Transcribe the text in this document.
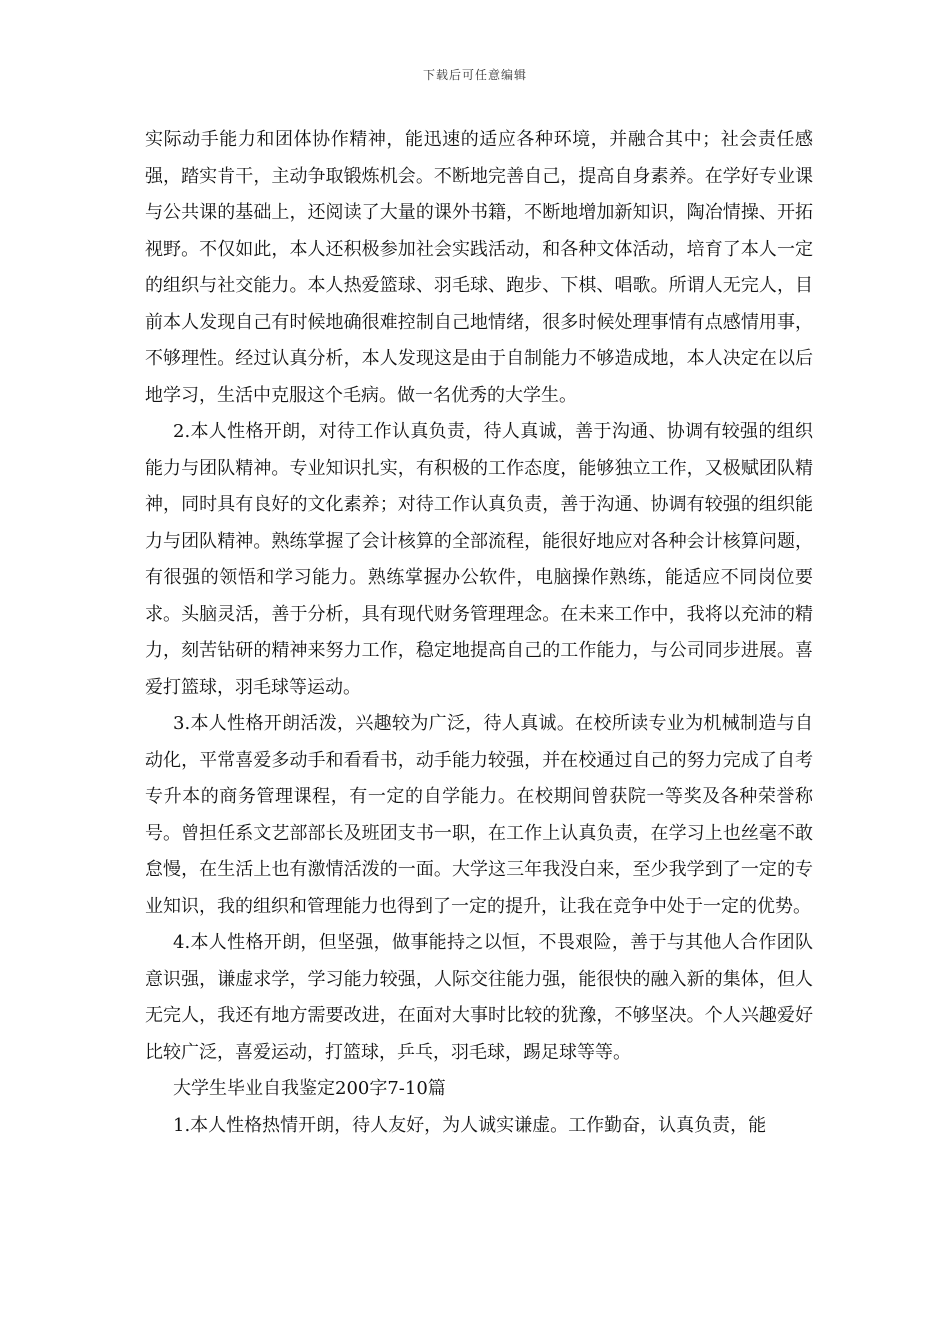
下载后可任意编辑

实际动手能力和团体协作精神，能迅速的适应各种环境，并融合其中；社会责任感强，踏实肯干，主动争取锻炼机会。不断地完善自己，提高自身素养。在学好专业课与公共课的基础上，还阅读了大量的课外书籍，不断地增加新知识，陶冶情操、开拓视野。不仅如此，本人还积极参加社会实践活动，和各种文体活动，培育了本人一定的组织与社交能力。本人热爱篮球、羽毛球、跑步、下棋、唱歌。所谓人无完人，目前本人发现自己有时候地确很难控制自己地情绪，很多时候处理事情有点感情用事，不够理性。经过认真分析，本人发现这是由于自制能力不够造成地，本人决定在以后地学习，生活中克服这个毛病。做一名优秀的大学生。

2.本人性格开朗，对待工作认真负责，待人真诚，善于沟通、协调有较强的组织能力与团队精神。专业知识扎实，有积极的工作态度，能够独立工作，又极赋团队精神，同时具有良好的文化素养；对待工作认真负责，善于沟通、协调有较强的组织能力与团队精神。熟练掌握了会计核算的全部流程，能很好地应对各种会计核算问题，有很强的领悟和学习能力。熟练掌握办公软件，电脑操作熟练，能适应不同岗位要求。头脑灵活，善于分析，具有现代财务管理理念。在未来工作中，我将以充沛的精力，刻苦钻研的精神来努力工作，稳定地提高自己的工作能力，与公司同步进展。喜爱打篮球，羽毛球等运动。

3.本人性格开朗活泼，兴趣较为广泛，待人真诚。在校所读专业为机械制造与自动化，平常喜爱多动手和看看书，动手能力较强，并在校通过自己的努力完成了自考专升本的商务管理课程，有一定的自学能力。在校期间曾获院一等奖及各种荣誉称号。曾担任系文艺部部长及班团支书一职，在工作上认真负责，在学习上也丝毫不敢怠慢，在生活上也有激情活泼的一面。大学这三年我没白来，至少我学到了一定的专业知识，我的组织和管理能力也得到了一定的提升，让我在竞争中处于一定的优势。

4.本人性格开朗，但坚强，做事能持之以恒，不畏艰险，善于与其他人合作团队意识强，谦虚求学，学习能力较强，人际交往能力强，能很快的融入新的集体，但人无完人，我还有地方需要改进，在面对大事时比较的犹豫，不够坚决。个人兴趣爱好比较广泛，喜爱运动，打篮球，乒乓，羽毛球，踢足球等等。

大学生毕业自我鉴定200字7-10篇

1.本人性格热情开朗，待人友好，为人诚实谦虚。工作勤奋，认真负责，能
